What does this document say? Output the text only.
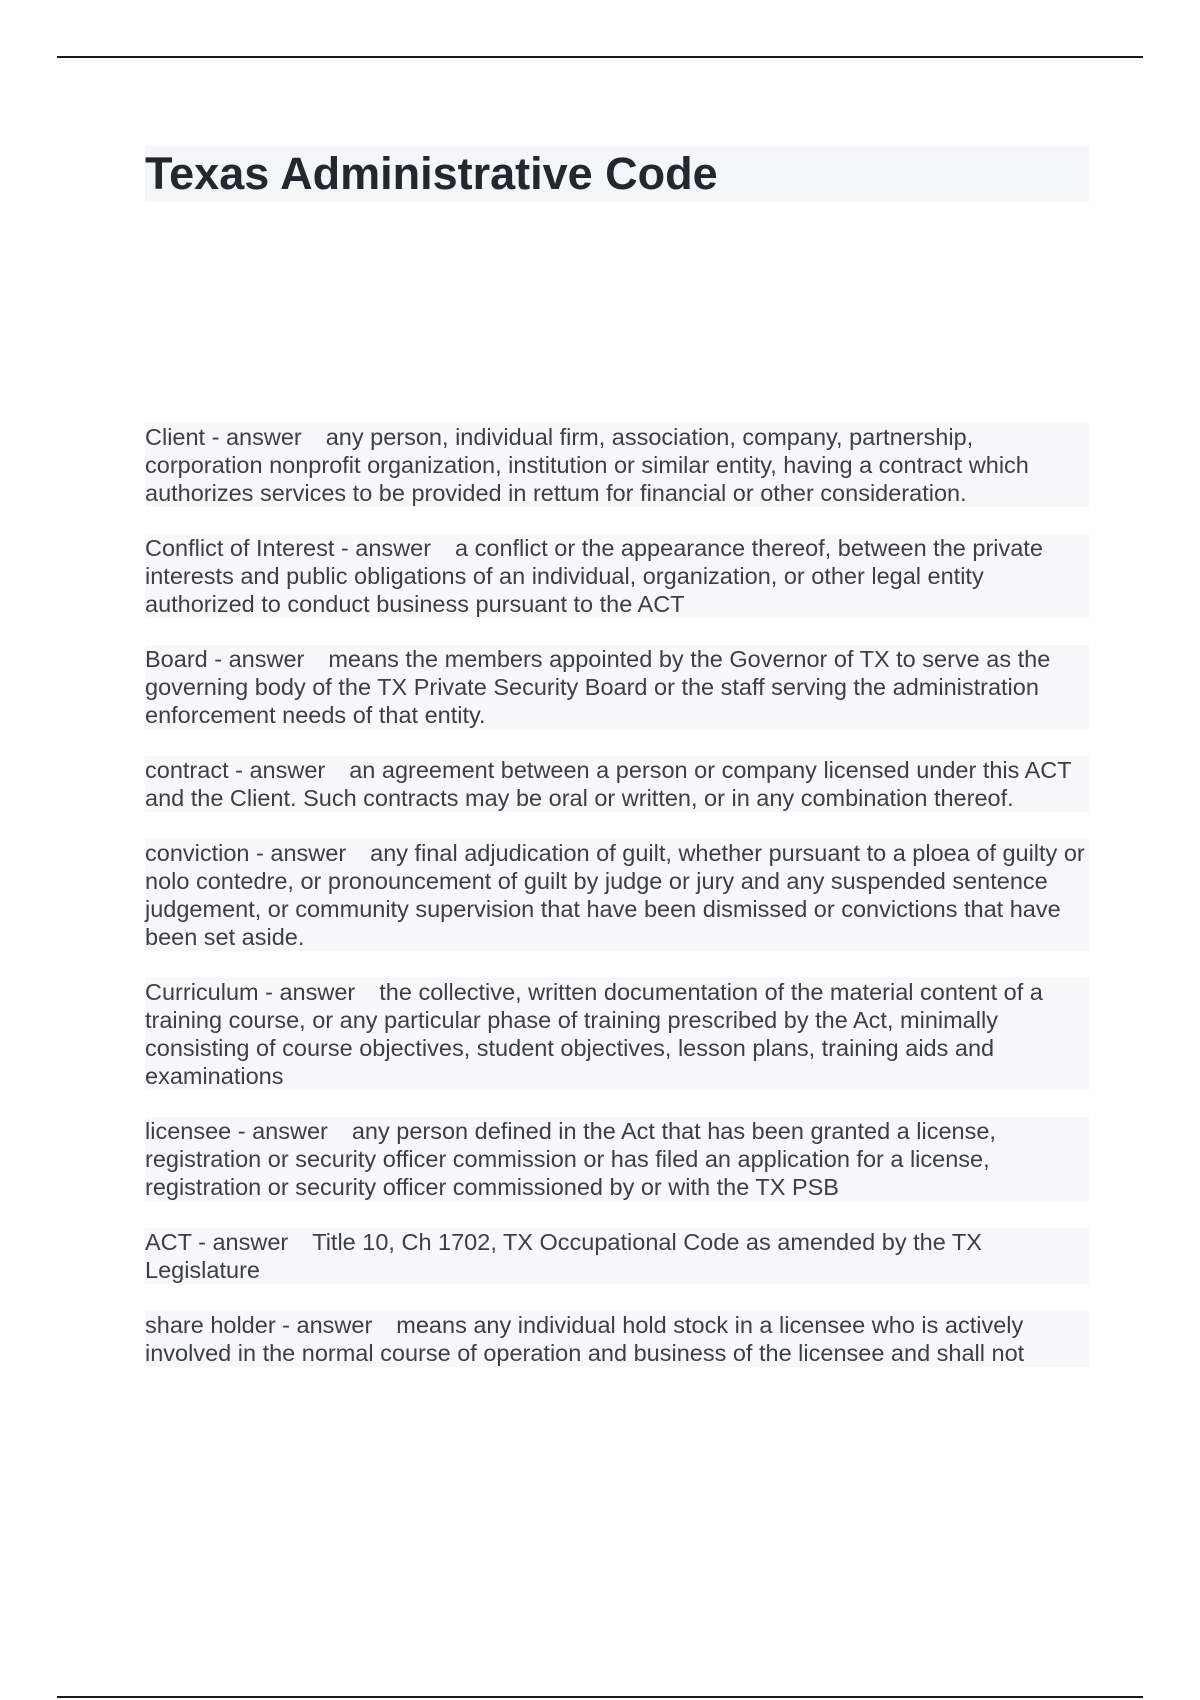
Texas Administrative Code

Client - answer any person, individual firm, association, company, partnership, corporation nonprofit organization, institution or similar entity, having a contract which authorizes services to be provided in rettum for financial or other consideration.

Conflict of Interest - answer a conflict or the appearance thereof, between the private interests and public obligations of an individual, organization, or other legal entity authorized to conduct business pursuant to the ACT

Board - answer means the members appointed by the Governor of TX to serve as the governing body of the TX Private Security Board or the staff serving the administration enforcement needs of that entity.

contract - answer an agreement between a person or company licensed under this ACT and the Client. Such contracts may be oral or written, or in any combination thereof.

conviction - answer any final adjudication of guilt, whether pursuant to a ploea of guilty or nolo contedre, or pronouncement of guilt by judge or jury and any suspended sentence judgement, or community supervision that have been dismissed or convictions that have been set aside.

Curriculum - answer the collective, written documentation of the material content of a training course, or any particular phase of training prescribed by the Act, minimally consisting of course objectives, student objectives, lesson plans, training aids and examinations

licensee - answer any person defined in the Act that has been granted a license, registration or security officer commission or has filed an application for a license, registration or security officer commissioned by or with the TX PSB

ACT - answer Title 10, Ch 1702, TX Occupational Code as amended by the TX Legislature

share holder - answer means any individual hold stock in a licensee who is actively involved in the normal course of operation and business of the licensee and shall not
